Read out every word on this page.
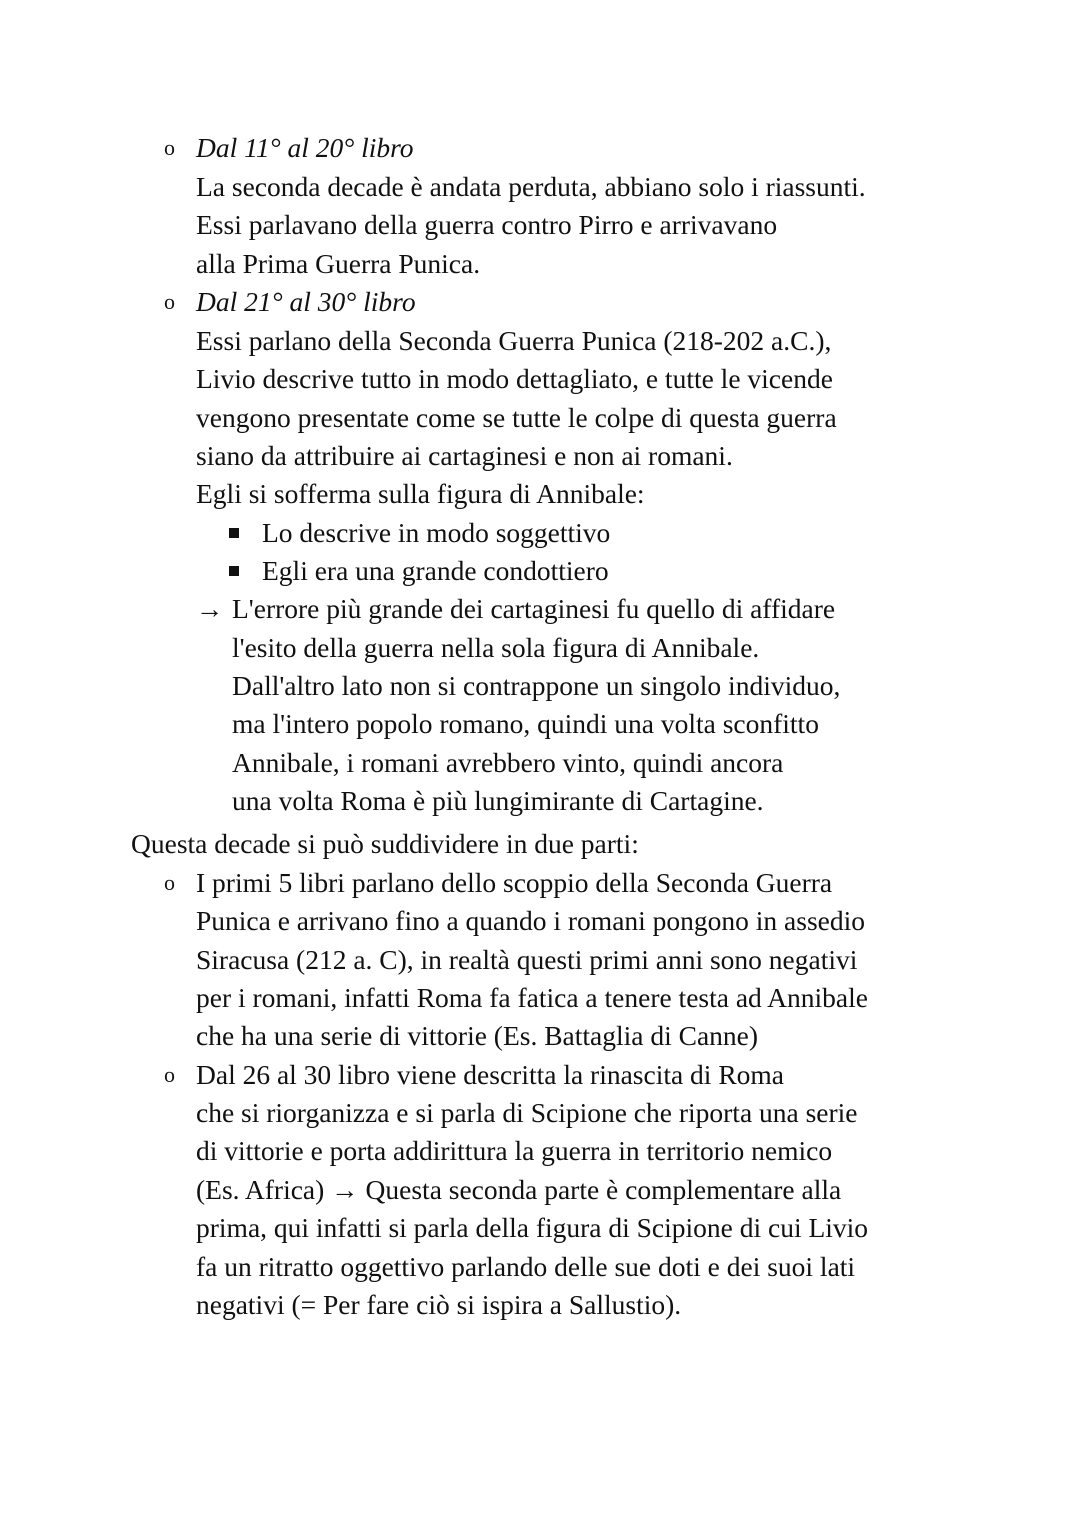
o Dal 11° al 20° libro
La seconda decade è andata perduta, abbiano solo i riassunti.
Essi parlavano della guerra contro Pirro e arrivavano
alla Prima Guerra Punica.
o Dal 21° al 30° libro
Essi parlano della Seconda Guerra Punica (218-202 a.C.),
Livio descrive tutto in modo dettagliato, e tutte le vicende
vengono presentate come se tutte le colpe di questa guerra
siano da attribuire ai cartaginesi e non ai romani.
Egli si sofferma sulla figura di Annibale:
Lo descrive in modo soggettivo
Egli era una grande condottiero
→ L'errore più grande dei cartaginesi fu quello di affidare
l'esito della guerra nella sola figura di Annibale.
Dall'altro lato non si contrappone un singolo individuo,
ma l'intero popolo romano, quindi una volta sconfitto
Annibale, i romani avrebbero vinto, quindi ancora
una volta Roma è più lungimirante di Cartagine.
Questa decade si può suddividere in due parti:
o I primi 5 libri parlano dello scoppio della Seconda Guerra
Punica e arrivano fino a quando i romani pongono in assedio
Siracusa (212 a. C), in realtà questi primi anni sono negativi
per i romani, infatti Roma fa fatica a tenere testa ad Annibale
che ha una serie di vittorie (Es. Battaglia di Canne)
o Dal 26 al 30 libro viene descritta la rinascita di Roma
che si riorganizza e si parla di Scipione che riporta una serie
di vittorie e porta addirittura la guerra in territorio nemico
(Es. Africa) → Questa seconda parte è complementare alla
prima, qui infatti si parla della figura di Scipione di cui Livio
fa un ritratto oggettivo parlando delle sue doti e dei suoi lati
negativi (= Per fare ciò si ispira a Sallustio).
